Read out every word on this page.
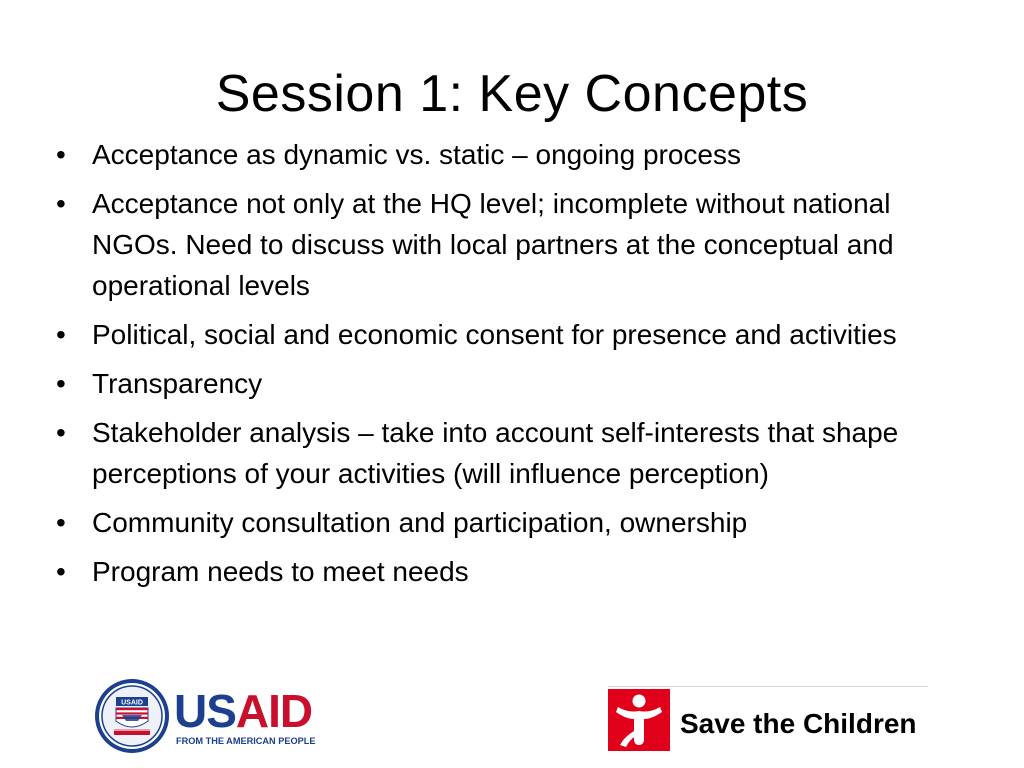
Session 1: Key Concepts
• Acceptance as dynamic vs. static – ongoing process
• Acceptance not only at the HQ level; incomplete without national NGOs. Need to discuss with local partners at the conceptual and operational levels
• Political, social and economic consent for presence and activities
• Transparency
• Stakeholder analysis – take into account self-interests that shape perceptions of your activities (will influence perception)
• Community consultation and participation, ownership
• Program needs to meet needs
USAID USAID
FROM THE AMERICAN PEOPLE
Save the Children
